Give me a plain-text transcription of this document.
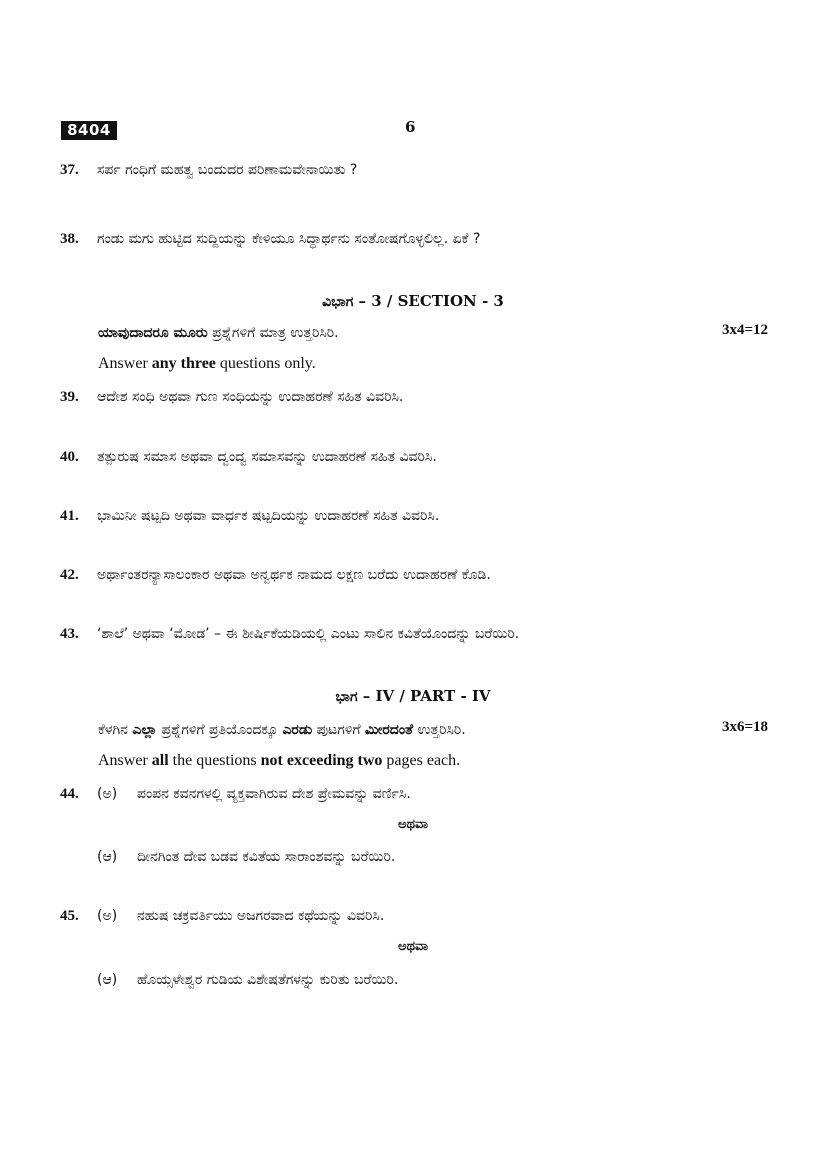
8404	6
37. ಸರ್ಪ ಗಂಧಿಗೆ ಮಹತ್ವ ಬಂದುದರ ಪರಿಣಾಮವೇನಾಯಿತು ?
38. ಗಂಡು ಮಗು ಹುಟ್ಟಿದ ಸುದ್ದಿಯನ್ನು ಕೇಳಿಯೂ ಸಿದ್ಧಾರ್ಥನು ಸಂತೋಷಗೊಳ್ಳಲಿಲ್ಲ. ಏಕೆ ?
ವಿಭಾಗ – 3 / SECTION - 3
ಯಾವುದಾದರೂ ಮೂರು ಪ್ರಶ್ನೆಗಳಿಗೆ ಮಾತ್ರ ಉತ್ತರಿಸಿರಿ.	3x4=12
Answer any three questions only.
39. ಆದೇಶ ಸಂಧಿ ಅಥವಾ ಗುಣ ಸಂಧಿಯನ್ನು ಉದಾಹರಣೆ ಸಹಿತ ವಿವರಿಸಿ.
40. ತತ್ಪುರುಷ ಸಮಾಸ ಅಥವಾ ದ್ವಂದ್ವ ಸಮಾಸವನ್ನು ಉದಾಹರಣೆ ಸಹಿತ ವಿವರಿಸಿ.
41. ಭಾಮಿನೀ ಷಟ್ಪದಿ ಅಥವಾ ವಾರ್ಧಕ ಷಟ್ಪದಿಯನ್ನು ಉದಾಹರಣೆ ಸಹಿತ ವಿವರಿಸಿ.
42. ಅರ್ಥಾಂತರನ್ಯಾಸಾಲಂಕಾರ ಅಥವಾ ಅನ್ವರ್ಥಕ ನಾಮದ ಲಕ್ಷಣ ಬರೆದು ಉದಾಹರಣೆ ಕೊಡಿ.
43. ‘ಶಾಲೆ’ ಅಥವಾ ‘ಮೋಡ’ – ಈ ಶೀರ್ಷಿಕೆಯಡಿಯಲ್ಲಿ ಎಂಟು ಸಾಲಿನ ಕವಿತೆಯೊಂದನ್ನು ಬರೆಯಿರಿ.
ಭಾಗ – IV / PART - IV
ಕೆಳಗಿನ ಎಲ್ಲಾ ಪ್ರಶ್ನೆಗಳಿಗೆ ಪ್ರತಿಯೊಂದಕ್ಕೂ ಎರಡು ಪುಟಗಳಿಗೆ ಮೀರದಂತೆ ಉತ್ತರಿಸಿರಿ.	3x6=18
Answer all the questions not exceeding two pages each.
44. (ಅ) ಪಂಪನ ಕವನಗಳಲ್ಲಿ ವ್ಯಕ್ತವಾಗಿರುವ ದೇಶ ಪ್ರೇಮವನ್ನು ವರ್ಣಿಸಿ.
ಅಥವಾ
(ಆ) ದೀನಗಿಂತ ದೇವ ಬಡವ ಕವಿತೆಯ ಸಾರಾಂಶವನ್ನು ಬರೆಯಿರಿ.
45. (ಅ) ನಹುಷ ಚಕ್ರವರ್ತಿಯು ಅಜಗರವಾದ ಕಥೆಯನ್ನು ವಿವರಿಸಿ.
ಅಥವಾ
(ಆ) ಹೊಯ್ಸಳೇಶ್ವರ ಗುಡಿಯ ವಿಶೇಷತೆಗಳನ್ನು ಕುರಿತು ಬರೆಯಿರಿ.
